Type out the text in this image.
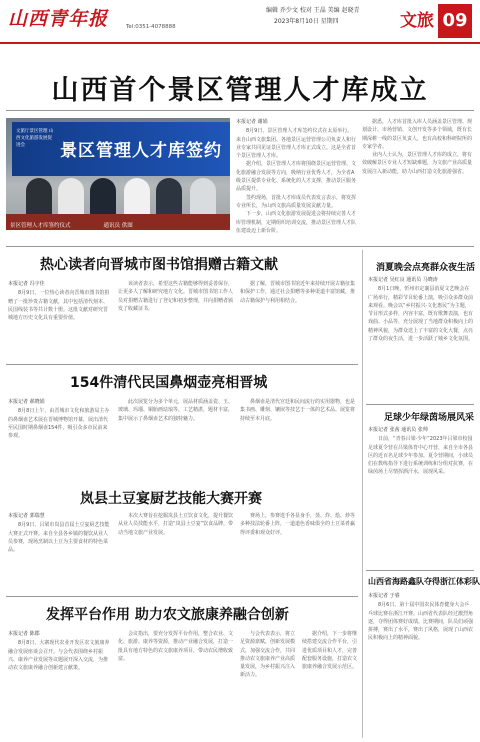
山西青年报	Tel:0351-4078888
编辑 乔少文 校对 王晶 美编 赵晓青
2023年8月10日 星期四	文旅 09
山西首个景区管理人才库成立
文旅厅景区管理 山西文化旅游发展促进会	景区管理人才库签约
景区管理人才库签约仪式　　　　　　通讯员 供图
本报记者 谢娟
8月9日，景区管理人才库签约仪式在太原举行。来自山西文旅集团、各地景区运营管理公司负责人和行业专家共同见证景区管理人才库正式成立。这是全省首个景区管理人才库。
据介绍，景区管理人才库将围绕景区运营管理、文化旅游融合发展等方向，吸纳行业优秀人才，为全省A级景区提供专业化、系统化的人才支撑，推动景区服务品质提升。
签约现场，首批人才库成员代表发言表示，将发挥专业所长，为山西文旅高质量发展贡献力量。
下一步，山西文化旅游发展促进会将持续完善人才库管理机制，定期组织培训交流，推动景区管理人才队伍建设迈上新台阶。
据悉，人才库首批入库人员涵盖景区管理、规划设计、市场营销、文创开发等多个领域，既有长期深耕一线的景区负责人，也有高校和科研院所的专家学者。
业内人士认为，景区管理人才库的成立，将有效破解景区专业人才短缺难题，为文旅产业高质量发展注入新动能，助力山西打造文化旅游强省。
热心读者向晋城市图书馆捐赠古籍文献
本报记者 冯宇佳
8月9日，一位热心读者向晋城市图书馆捐赠了一批珍贵古籍文献，其中包括清代刻本、民国线装书等共计数十册。这批文献对研究晋城地方历史文化具有重要价值。
该读者表示，希望这些古籍能够得到妥善保存，让更多人了解和研究地方文化。晋城市图书馆工作人员对捐赠古籍进行了登记和初步整理，并向捐赠者颁发了收藏证书。
据了解，晋城市图书馆近年来持续开展古籍征集和保护工作，通过社会捐赠等多种渠道丰富馆藏，推动古籍保护与利用相结合。
154件清代民国鼻烟壶亮相晋城
本报记者 郝晓娟
8月8日上午，由晋城市文化和旅游局主办的鼻烟壶艺术展在晋城博物馆开幕，展出清代至民国时期鼻烟壶154件，吸引众多市民前来参观。
此次展览分为多个单元，展品材质涵盖瓷、玉、玻璃、玛瑙、铜胎画珐琅等，工艺精湛，题材丰富，集中展示了鼻烟壶艺术的独特魅力。
鼻烟壶是清代宫廷和民间流行的实用器物，也是集书画、雕刻、镶嵌等技艺于一体的艺术品。展览将持续至本月底。
岚县土豆宴厨艺技能大赛开赛
本报记者 郭瑞慧
8月9日，吕梁市岚县首届土豆宴厨艺技能大赛正式开赛。来自全县各乡镇的餐饮从业人员参赛，现场烹制以土豆为主要食材的特色菜品。
本次大赛旨在挖掘岚县土豆饮食文化，提升餐饮从业人员技能水平，打造“岚县土豆宴”饮食品牌，带动当地文旅产业发展。
赛场上，参赛选手各显身手，蒸、炸、烩、炒等多种技法轮番上阵，一道道色香味俱全的土豆菜肴赢得评委和观众好评。
发挥平台作用 助力农文旅康养融合创新
本报记者 陈郡
8月8日，大寨现代农业开发区农文旅康养融合发展座谈会召开。与会代表围绕乡村振兴、康养产业发展等议题展开深入交流，为推动农文旅康养融合创新建言献策。
会议指出，要充分发挥平台作用，整合农业、文化、旅游、康养等资源，推动产业融合发展，打造一批具有地方特色的农文旅康养项目，带动农民增收致富。
与会代表表示，将立足资源禀赋，创新发展模式，加强交流合作，共同推动农文旅康养产业高质量发展，为乡村振兴注入新活力。
据介绍，下一步将继续搭建交流合作平台，引进优质项目和人才，完善配套服务设施，打造农文旅康养融合发展示范区。
消夏晚会点亮群众夜生活
本报记者 吴红良 通讯员 马晓涛
8月1日晚，忻州市定襄县消夏文艺晚会在广场举行，精彩节目轮番上演，吸引众多群众前来观看。晚会以“乡村振兴·文化惠民”为主题，节目形式多样，内容丰富，既有歌舞表演，也有戏曲、小品等，充分展现了当地群众积极向上的精神风貌，为群众送上了丰富的文化大餐，点亮了群众的夜生活，进一步活跃了城乡文化氛围。
足球少年绿茵场展风采
本报记者 张茜 通讯员 张帅
日前，“青春吕梁·少年”2023年吕梁市校园足球夏令营在吕梁体育中心开营，来自全市各县区的近百名足球少年参加。夏令营期间，小球员们在教练指导下进行系统训练和分组对抗赛，在绿茵场上尽情挥洒汗水，展现风采。
山西省海路鑫队夺得浙江体彩队
本报记者 于睿
8月6日，第十届中国农民体育健身大会乒乓球比赛在浙江开赛。山西省代表队经过激烈角逐，夺得团体赛好成绩。比赛期间，队员们顽强拼搏，赛出了水平，赛出了风格，展现了山西农民积极向上的精神面貌。
